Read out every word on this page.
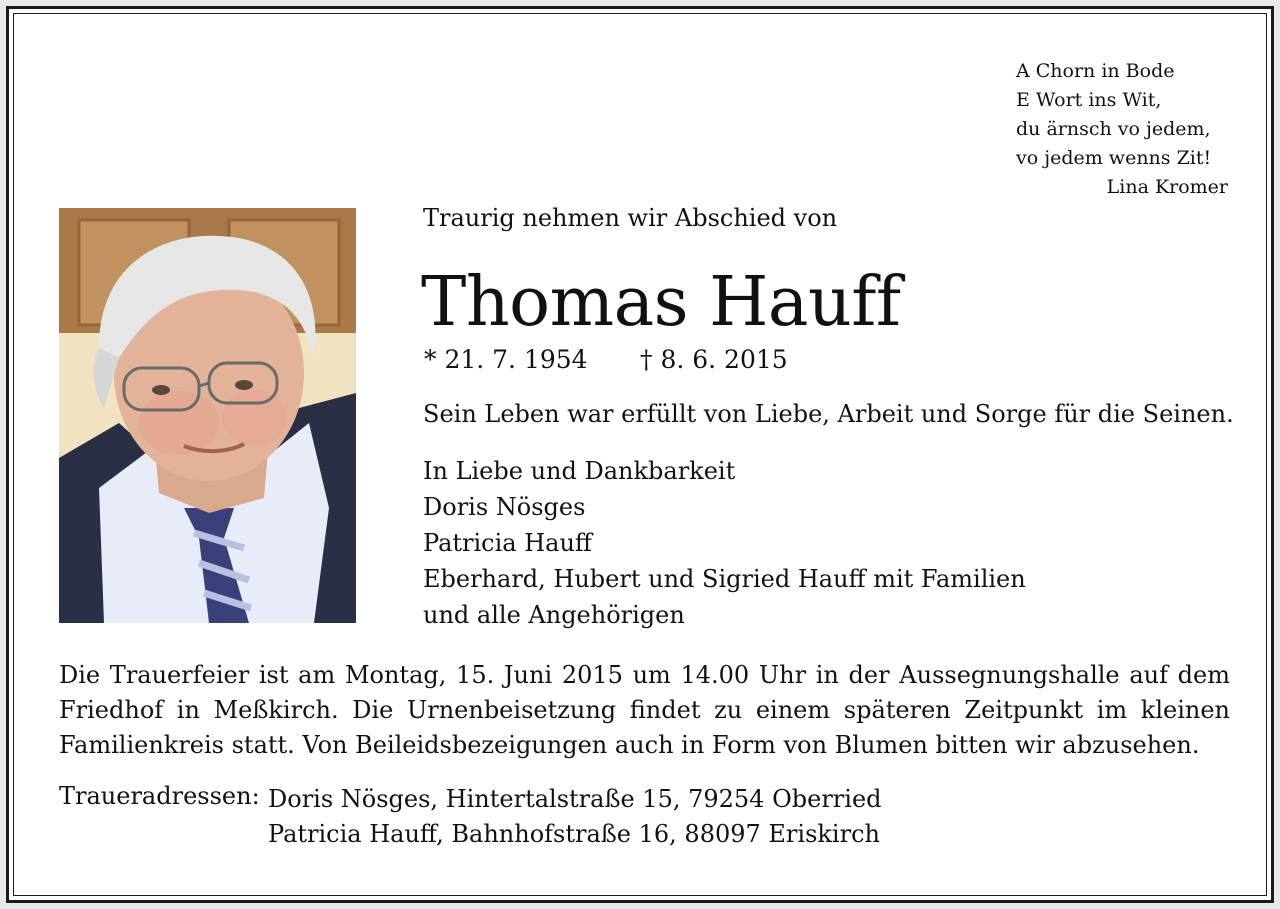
A Chorn in Bode
E Wort ins Wit,
du ärnsch vo jedem,
vo jedem wenns Zit!
Lina Kromer
Traurig nehmen wir Abschied von
Thomas Hauff
* 21. 7. 1954 † 8. 6. 2015
Sein Leben war erfüllt von Liebe, Arbeit und Sorge für die Seinen.
In Liebe und Dankbarkeit
Doris Nösges
Patricia Hauff
Eberhard, Hubert und Sigried Hauff mit Familien
und alle Angehörigen
Die Trauerfeier ist am Montag, 15. Juni 2015 um 14.00 Uhr in der Aussegnungshalle auf dem
Friedhof in Meßkirch. Die Urnenbeisetzung findet zu einem späteren Zeitpunkt im kleinen
Familienkreis statt. Von Beileidsbezeigungen auch in Form von Blumen bitten wir abzusehen.
Traueradressen: Doris Nösges, Hintertalstraße 15, 79254 Oberried
Patricia Hauff, Bahnhofstraße 16, 88097 Eriskirch
